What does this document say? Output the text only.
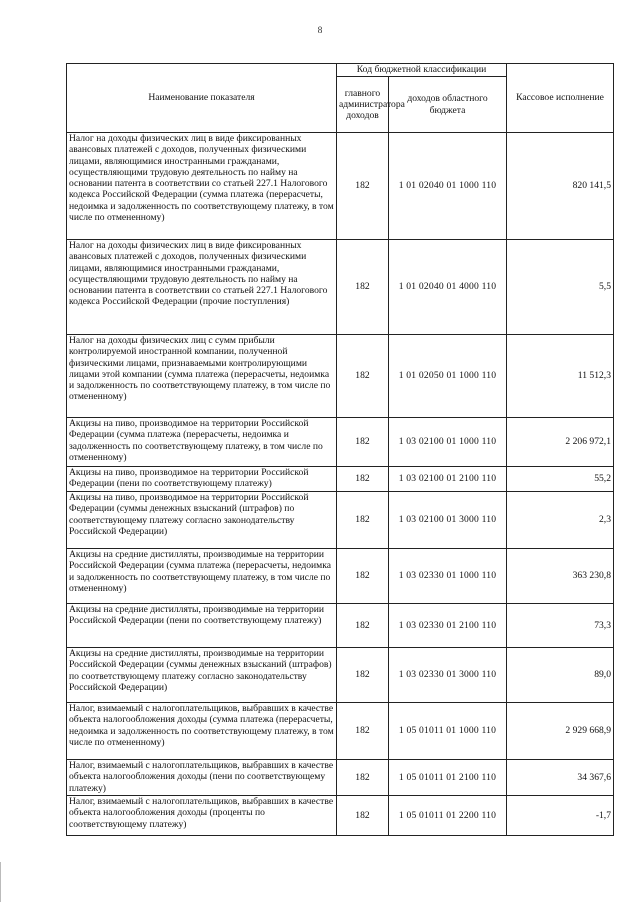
8
Наименование показателя	Код бюджетной классификации		Кассовое исполнение
	главного администратора доходов	доходов областного бюджета	
Налог на доходы физических лиц в виде фиксированных авансовых платежей с доходов, полученных физическими лицами, являющимися иностранными гражданами, осуществляющими трудовую деятельность по найму на основании патента в соответствии со статьей 227.1 Налогового кодекса Российской Федерации (сумма платежа (перерасчеты, недоимка и задолженность по соответствующему платежу, в том числе по отмененному)	182	1 01 02040 01 1000 110	820 141,5
Налог на доходы физических лиц в виде фиксированных авансовых платежей с доходов, полученных физическими лицами, являющимися иностранными гражданами, осуществляющими трудовую деятельность по найму на основании патента в соответствии со статьей 227.1 Налогового кодекса Российской Федерации (прочие поступления)	182	1 01 02040 01 4000 110	5,5
Налог на доходы физических лиц с сумм прибыли контролируемой иностранной компании, полученной физическими лицами, признаваемыми контролирующими лицами этой компании (сумма платежа (перерасчеты, недоимка и задолженность по соответствующему платежу, в том числе по отмененному)	182	1 01 02050 01 1000 110	11 512,3
Акцизы на пиво, производимое на территории Российской Федерации (сумма платежа (перерасчеты, недоимка и задолженность по соответствующему платежу, в том числе по отмененному)	182	1 03 02100 01 1000 110	2 206 972,1
Акцизы на пиво, производимое на территории Российской Федерации (пени по соответствующему платежу)	182	1 03 02100 01 2100 110	55,2
Акцизы на пиво, производимое на территории Российской Федерации (суммы денежных взысканий (штрафов) по соответствующему платежу согласно законодательству Российской Федерации)	182	1 03 02100 01 3000 110	2,3
Акцизы на средние дистилляты, производимые на территории Российской Федерации (сумма платежа (перерасчеты, недоимка и задолженность по соответствующему платежу, в том числе по отмененному)	182	1 03 02330 01 1000 110	363 230,8
Акцизы на средние дистилляты, производимые на территории Российской Федерации (пени по соответствующему платежу)	182	1 03 02330 01 2100 110	73,3
Акцизы на средние дистилляты, производимые на территории Российской Федерации (суммы денежных взысканий (штрафов) по соответствующему платежу согласно законодательству Российской Федерации)	182	1 03 02330 01 3000 110	89,0
Налог, взимаемый с налогоплательщиков, выбравших в качестве объекта налогообложения доходы (сумма платежа (перерасчеты, недоимка и задолженность по соответствующему платежу, в том числе по отмененному)	182	1 05 01011 01 1000 110	2 929 668,9
Налог, взимаемый с налогоплательщиков, выбравших в качестве объекта налогообложения доходы (пени по соответствующему платежу)	182	1 05 01011 01 2100 110	34 367,6
Налог, взимаемый с налогоплательщиков, выбравших в качестве объекта налогообложения доходы (проценты по соответствующему платежу)	182	1 05 01011 01 2200 110	-1,7
